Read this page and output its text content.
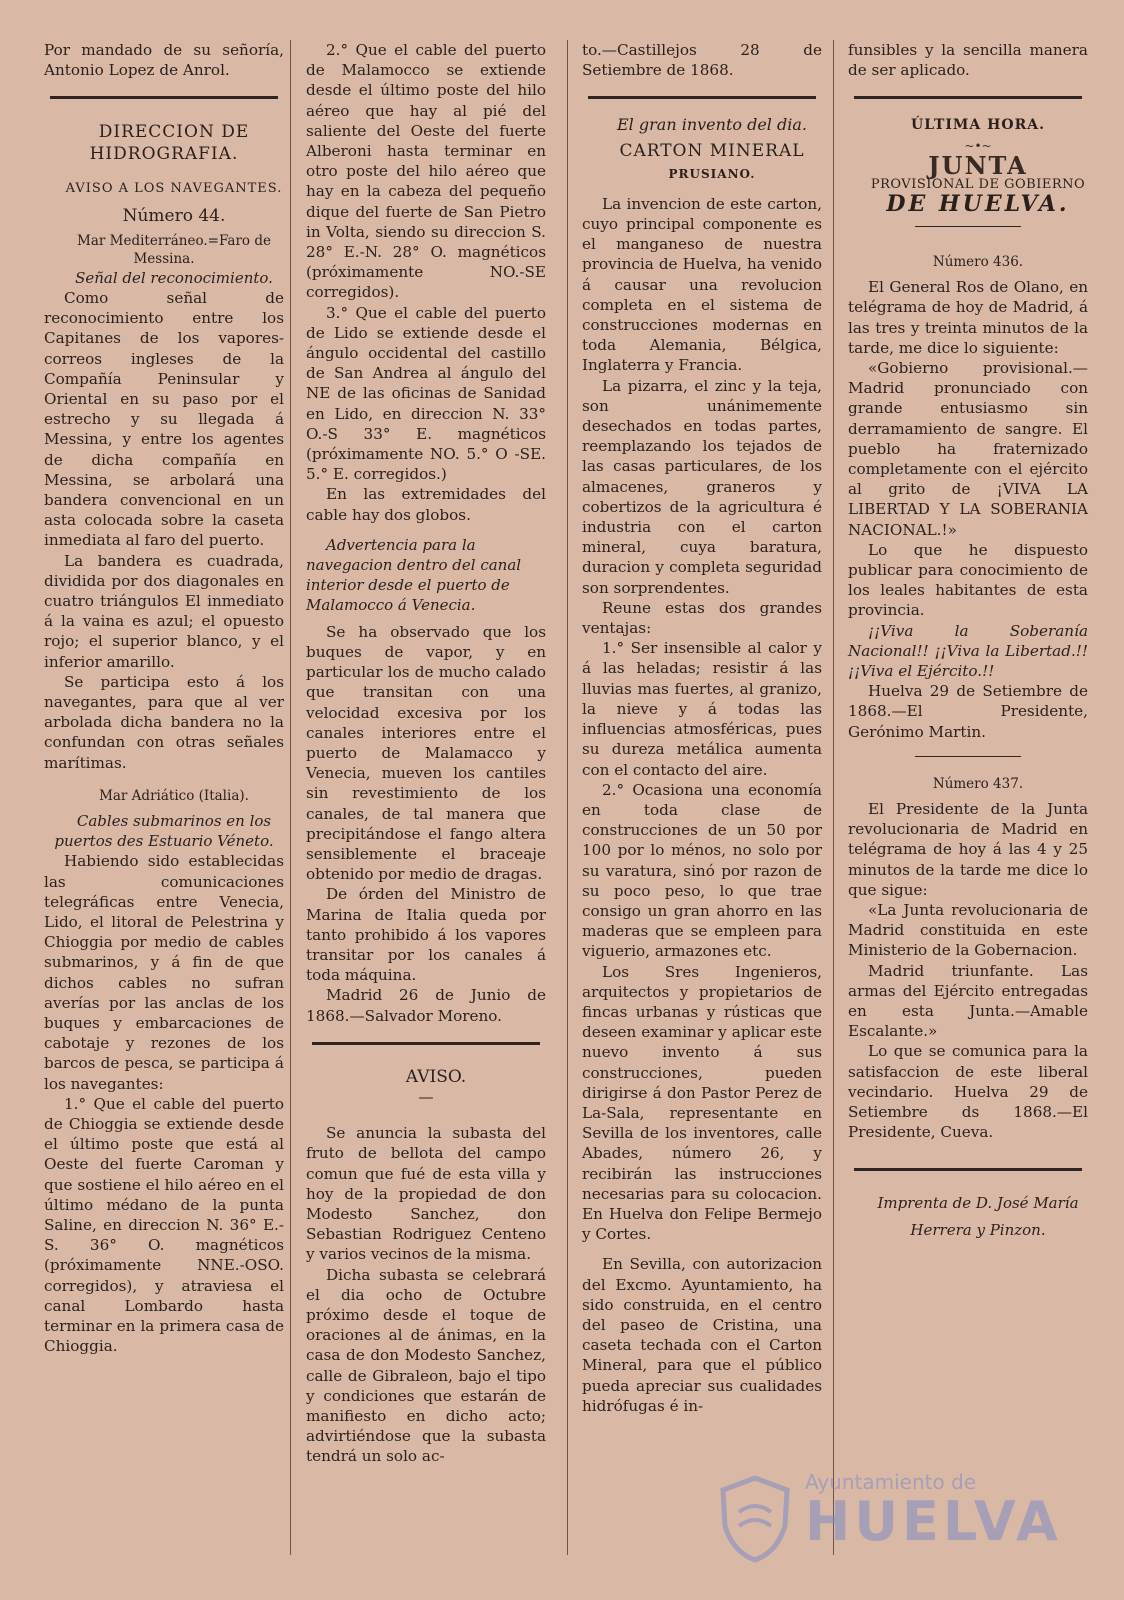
Por mandado de su señoría, Antonio Lopez de Anrol.

DIRECCION DE HIDROGRAFIA.

AVISO A LOS NAVEGANTES.

Número 44.

Mar Mediterráneo.=Faro de Messina.

Señal del reconocimiento.

Como señal de reconocimiento entre los Capitanes de los vapores-correos ingleses de la Compañía Peninsular y Oriental en su paso por el estrecho y su llegada á Messina, y entre los agentes de dicha compañía en Messina, se arbolará una bandera convencional en un asta colocada sobre la caseta inmediata al faro del puerto.

La bandera es cuadrada, dividida por dos diagonales en cuatro triángulos El inmediato á la vaina es azul; el opuesto rojo; el superior blanco, y el inferior amarillo.

Se participa esto á los navegantes, para que al ver arbolada dicha bandera no la confundan con otras señales marítimas.

Mar Adriático (Italia).

Cables submarinos en los puertos des Estuario Véneto.

Habiendo sido establecidas las comunicaciones telegráficas entre Venecia, Lido, el litoral de Pelestrina y Chioggia por medio de cables submarinos, y á fin de que dichos cables no sufran averías por las anclas de los buques y embarcaciones de cabotaje y rezones de los barcos de pesca, se participa á los navegantes:

1.° Que el cable del puerto de Chioggia se extiende desde el último poste que está al Oeste del fuerte Caroman y que sostiene el hilo aéreo en el último médano de la punta Saline, en direccion N. 36° E.-S. 36° O. magnéticos (próximamente NNE.-OSO. corregidos), y atraviesa el canal Lombardo hasta terminar en la primera casa de Chioggia.

2.° Que el cable del puerto de Malamocco se extiende desde el último poste del hilo aéreo que hay al pié del saliente del Oeste del fuerte Alberoni hasta terminar en otro poste del hilo aéreo que hay en la cabeza del pequeño dique del fuerte de San Pietro in Volta, siendo su direccion S. 28° E.-N. 28° O. magnéticos (próximamente NO.-SE corregidos).

3.° Que el cable del puerto de Lido se extiende desde el ángulo occidental del castillo de San Andrea al ángulo del NE de las oficinas de Sanidad en Lido, en direccion N. 33° O.-S 33° E. magnéticos (próximamente NO. 5.° O -SE. 5.° E. corregidos.)

En las extremidades del cable hay dos globos.

Advertencia para la navegacion dentro del canal interior desde el puerto de Malamocco á Venecia.

Se ha observado que los buques de vapor, y en particular los de mucho calado que transitan con una velocidad excesiva por los canales interiores entre el puerto de Malamacco y Venecia, mueven los cantiles sin revestimiento de los canales, de tal manera que precipitándose el fango altera sensiblemente el braceaje obtenido por medio de dragas.

De órden del Ministro de Marina de Italia queda por tanto prohibido á los vapores transitar por los canales á toda máquina.

Madrid 26 de Junio de 1868.—Salvador Moreno.

AVISO.

—

Se anuncia la subasta del fruto de bellota del campo comun que fué de esta villa y hoy de la propiedad de don Modesto Sanchez, don Sebastian Rodriguez Centeno y varios vecinos de la misma.

Dicha subasta se celebrará el dia ocho de Octubre próximo desde el toque de oraciones al de ánimas, en la casa de don Modesto Sanchez, calle de Gibraleon, bajo el tipo y condiciones que estarán de manifiesto en dicho acto; advirtiéndose que la subasta tendrá un solo ac-

to.—Castillejos 28 de Setiembre de 1868.

El gran invento del dia.

CARTON MINERAL

PRUSIANO.

La invencion de este carton, cuyo principal componente es el manganeso de nuestra provincia de Huelva, ha venido á causar una revolucion completa en el sistema de construcciones modernas en toda Alemania, Bélgica, Inglaterra y Francia.

La pizarra, el zinc y la teja, son unánimemente desechados en todas partes, reemplazando los tejados de las casas particulares, de los almacenes, graneros y cobertizos de la agricultura é industria con el carton mineral, cuya baratura, duracion y completa seguridad son sorprendentes.

Reune estas dos grandes ventajas:

1.° Ser insensible al calor y á las heladas; resistir á las lluvias mas fuertes, al granizo, la nieve y á todas las influencias atmosféricas, pues su dureza metálica aumenta con el contacto del aire.

2.° Ocasiona una economía en toda clase de construcciones de un 50 por 100 por lo ménos, no solo por su varatura, sinó por razon de su poco peso, lo que trae consigo un gran ahorro en las maderas que se empleen para viguerio, armazones etc.

Los Sres Ingenieros, arquitectos y propietarios de fincas urbanas y rústicas que deseen examinar y aplicar este nuevo invento á sus construcciones, pueden dirigirse á don Pastor Perez de La-Sala, representante en Sevilla de los inventores, calle Abades, número 26, y recibirán las instrucciones necesarias para su colocacion. En Huelva don Felipe Bermejo y Cortes.

En Sevilla, con autorizacion del Excmo. Ayuntamiento, ha sido construida, en el centro del paseo de Cristina, una caseta techada con el Carton Mineral, para que el público pueda apreciar sus cualidades hidrófugas é in-

funsibles y la sencilla manera de ser aplicado.

ÚLTIMA HORA.

~•~

JUNTA

PROVISIONAL DE GOBIERNO

DE HUELVA.

Número 436.

El General Ros de Olano, en telégrama de hoy de Madrid, á las tres y treinta minutos de la tarde, me dice lo siguiente:

«Gobierno provisional.—Madrid pronunciado con grande entusiasmo sin derramamiento de sangre. El pueblo ha fraternizado completamente con el ejército al grito de ¡VIVA LA LIBERTAD Y LA SOBERANIA NACIONAL.!»

Lo que he dispuesto publicar para conocimiento de los leales habitantes de esta provincia.

¡¡Viva la Soberanía Nacional!! ¡¡Viva la Libertad.!! ¡¡Viva el Ejército.!!

Huelva 29 de Setiembre de 1868.—El Presidente, Gerónimo Martin.

Número 437.

El Presidente de la Junta revolucionaria de Madrid en telégrama de hoy á las 4 y 25 minutos de la tarde me dice lo que sigue:

«La Junta revolucionaria de Madrid constituida en este Ministerio de la Gobernacion.

Madrid triunfante. Las armas del Ejército entregadas en esta Junta.—Amable Escalante.»

Lo que se comunica para la satisfaccion de este liberal vecindario. Huelva 29 de Setiembre ds 1868.—El Presidente, Cueva.

Imprenta de D. José María

Herrera y Pinzon.

Ayuntamiento de
HUELVA
